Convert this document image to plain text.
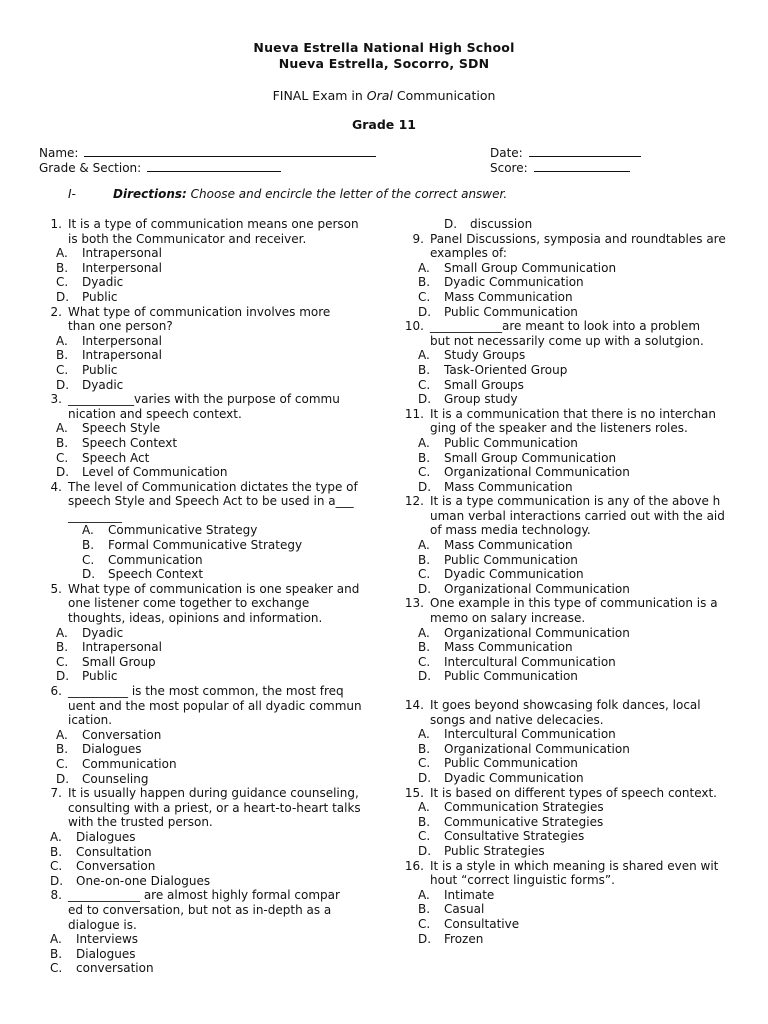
Nueva Estrella National High School
Nueva Estrella, Socorro, SDN
FINAL Exam in Oral Communication
Grade 11
Name:
Grade & Section:
Date:
Score:
I-	Directions: Choose and encircle the letter of the correct answer.
1. It is a type of communication means one person
is both the Communicator and receiver.
A. Intrapersonal
B. Interpersonal
C. Dyadic
D. Public
2. What type of communication involves more
than one person?
A. Interpersonal
B. Intrapersonal
C. Public
D. Dyadic
3. ___________varies with the purpose of commu
nication and speech context.
A. Speech Style
B. Speech Context
C. Speech Act
D. Level of Communication
4. The level of Communication dictates the type of
speech Style and Speech Act to be used in a___
_________
A. Communicative Strategy
B. Formal Communicative Strategy
C. Communication
D. Speech Context
5. What type of communication is one speaker and
one listener come together to exchange
thoughts, ideas, opinions and information.
A. Dyadic
B. Intrapersonal
C. Small Group
D. Public
6. __________ is the most common, the most freq
uent and the most popular of all dyadic commun
ication.
A. Conversation
B. Dialogues
C. Communication
D. Counseling
7. It is usually happen during guidance counseling,
consulting with a priest, or a heart-to-heart talks
with the trusted person.
A. Dialogues
B. Consultation
C. Conversation
D. One-on-one Dialogues
8. ____________ are almost highly formal compar
ed to conversation, but not as in-depth as a
dialogue is.
A. Interviews
B. Dialogues
C. conversation
D. discussion
9. Panel Discussions, symposia and roundtables are
examples of:
A. Small Group Communication
B. Dyadic Communication
C. Mass Communication
D. Public Communication
10. ____________are meant to look into a problem
but not necessarily come up with a solutgion.
A. Study Groups
B. Task-Oriented Group
C. Small Groups
D. Group study
11. It is a communication that there is no interchan
ging of the speaker and the listeners roles.
A. Public Communication
B. Small Group Communication
C. Organizational Communication
D. Mass Communication
12. It is a type communication is any of the above h
uman verbal interactions carried out with the aid
of mass media technology.
A. Mass Communication
B. Public Communication
C. Dyadic Communication
D. Organizational Communication
13. One example in this type of communication is a
memo on salary increase.
A. Organizational Communication
B. Mass Communication
C. Intercultural Communication
D. Public Communication
14. It goes beyond showcasing folk dances, local
songs and native delecacies.
A. Intercultural Communication
B. Organizational Communication
C. Public Communication
D. Dyadic Communication
15. It is based on different types of speech context.
A. Communication Strategies
B. Communicative Strategies
C. Consultative Strategies
D. Public Strategies
16. It is a style in which meaning is shared even wit
hout “correct linguistic forms”.
A. Intimate
B. Casual
C. Consultative
D. Frozen
